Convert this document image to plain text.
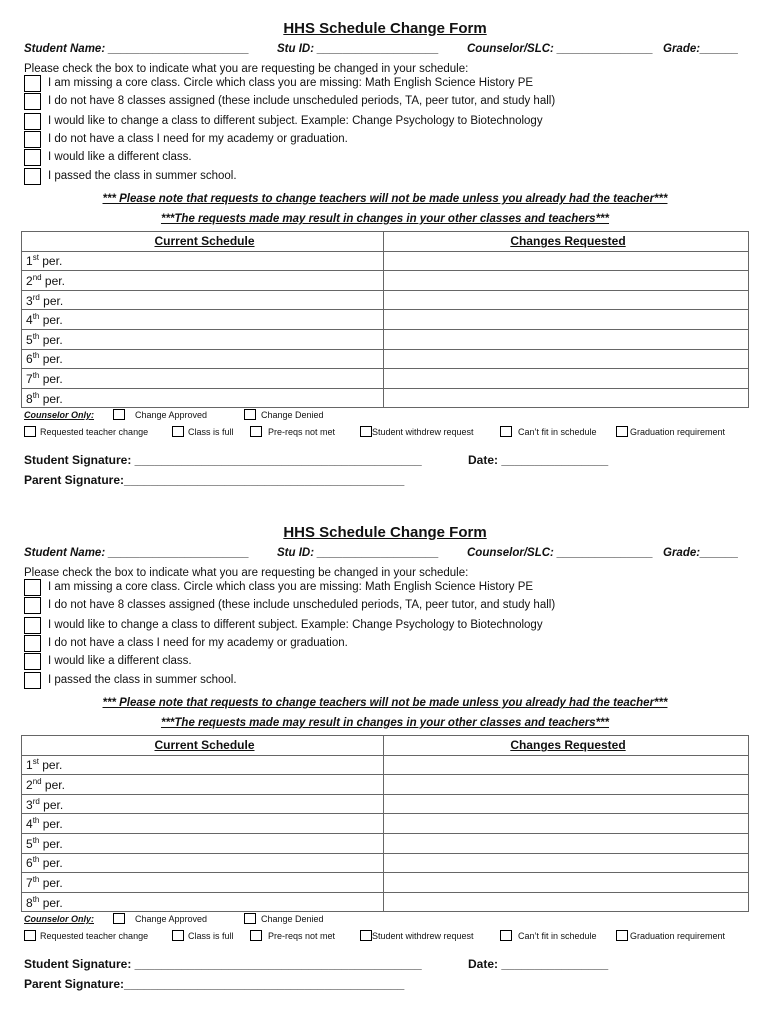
HHS Schedule Change Form
Student Name: ______________________ Stu ID: ___________________ Counselor/SLC: _______________ Grade:______
Please check the box to indicate what you are requesting be changed in your schedule:
I am missing a core class. Circle which class you are missing: Math English Science History PE
I do not have 8 classes assigned (these include unscheduled periods, TA, peer tutor, and study hall)
I would like to change a class to different subject. Example: Change Psychology to Biotechnology
I do not have a class I need for my academy or graduation.
I would like a different class.
I passed the class in summer school.
*** Please note that requests to change teachers will not be made unless you already had the teacher***
***The requests made may result in changes in your other classes and teachers***
Current Schedule	Changes Requested
1st per.	
2nd per.	
3rd per.	
4th per.	
5th per.	
6th per.	
7th per.	
8th per.	
Counselor Only:	Change Approved	Change Denied
Requested teacher change	Class is full	Pre-reqs not met	Student withdrew request	Can’t fit in schedule	Graduation requirement
Student Signature: ___________________________________________	Date: ________________
Parent Signature:__________________________________________
HHS Schedule Change Form
Student Name: ______________________ Stu ID: ___________________ Counselor/SLC: _______________ Grade:______
Please check the box to indicate what you are requesting be changed in your schedule:
I am missing a core class. Circle which class you are missing: Math English Science History PE
I do not have 8 classes assigned (these include unscheduled periods, TA, peer tutor, and study hall)
I would like to change a class to different subject. Example: Change Psychology to Biotechnology
I do not have a class I need for my academy or graduation.
I would like a different class.
I passed the class in summer school.
*** Please note that requests to change teachers will not be made unless you already had the teacher***
***The requests made may result in changes in your other classes and teachers***
Current Schedule	Changes Requested
1st per.	
2nd per.	
3rd per.	
4th per.	
5th per.	
6th per.	
7th per.	
8th per.	
Counselor Only:	Change Approved	Change Denied
Requested teacher change	Class is full	Pre-reqs not met	Student withdrew request	Can’t fit in schedule	Graduation requirement
Student Signature: ___________________________________________	Date: ________________
Parent Signature:__________________________________________
